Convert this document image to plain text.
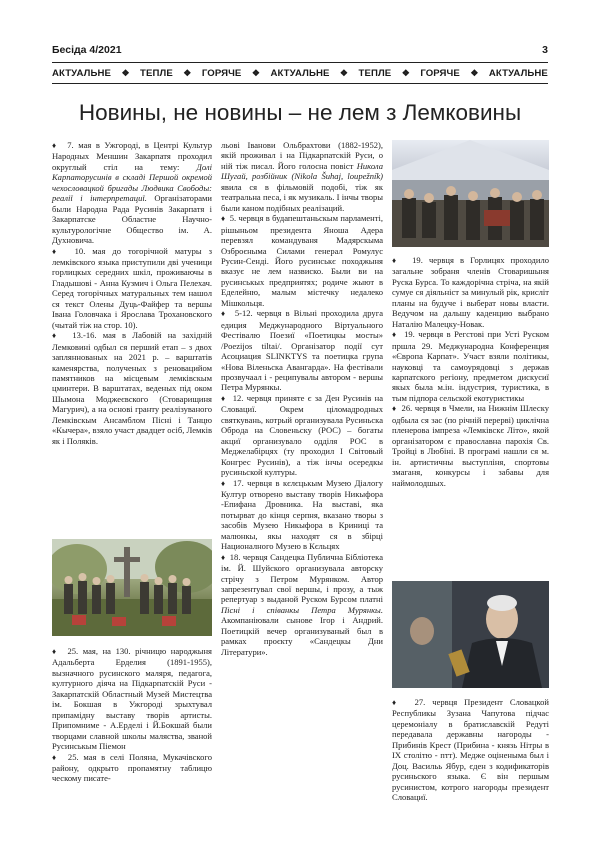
Бесіда 4/2021	3
АКТУАЛЬНЕ ❖ ТЕПЛЕ ❖ ГОРЯЧЕ ❖ АКТУАЛЬНЕ ❖ ТЕПЛЕ ❖ ГОРЯЧЕ ❖ АКТУАЛЬНЕ
Новины, не новины – не лем з Лемковины

♦  7. мая в Ужгороді, в Центрі Культур Народных Меншин Закарпатя проходил округлый стіл на тему: Долі Карпаторусинів в складі Першой окремой чехословацкой бригады Людвика Свободы: реалії і інтерпретациї. Організаторами были Народна Рада Русинів Закарпатя і Закарпатске Областне Научно-культурологічне Обществo ім. А. Духновича.

♦  10. мая до тогорічной матуры з лемківского языка приступили дві ученици горлицкых середних шкіл, проживаючы в Гладышові - Анна Кузмич і Ольга Пелехач. Серед тогорічных матуральных тем нашол ся текст Олены Дуць-Файфер та вершы Івана Головчака і Ярослава Трохановского (чытай тіж на стор. 10).

♦  13.-16. мая в Лабовій на західній Лемковині одбыл ся перший етап – з двох запляннованых на 2021 р. – варштатів каменярства, полученых з реновацийом памятников на місцевым лемківскым цминтери. В варштатах, веденых під оком Шымона Моджеєвского (Стоварищиня Магурич), а на основі гранту реалізуваного Лемківскым Ансамблом Пісні і Танцю «Кычера», взяло учаcт двадцет осіб, Лемків як і Поляків.

♦  25. мая, на 130. річницю народжыня Адальберта Ерделия (1891-1955), вызначного русинского маляря, педагога, културного діяча на Підкарпатскій Руси - Закарпатскій Областный Музей Мистецтва ім. Бокшая в Ужгороді зрыхтувал припаміднy выставу творів артисты. Припомниме - А.Ерделі і Й.Бокшай были творцами славной школы маляства, званой Русинськым Піемон

♦  25. мая в селі Поляна, Мукачівского району, одкрыто пропамятну таблицю ческому писате-

льові Іванови Ольбрахтови (1882-1952), якій проживал і на Підкарпатскій Руси, о ній тіж писал. Його голосна повіст Никола Шугай, розбійник (Nikola Šuhaj, loupežník) явила ся в фільмовій подобі, тіж як театральна песа, і як музикаль. І інчы творы были каном подібных реалізаций.

♦  5. червця в будапештаньскым парламенті, рішыньом президента Яноша Адера перевзял командуваня Мадярскыма Озброєныма Силами генерал Ромулус Русин-Сенді. Його русинськє походжыня вказує не лем назвиско. Были ви на русинськых предприятях; родиче жыют в Еделейню, малым містечку недалеко Мішкольця.

♦  5-12. червця в Вільні проходила друга едиция Меджународного Віртуального Фестівалю Поезиї «Поетицкы мосты» /Poezijos tiltai/. Організатор події сут Асоциация SLINKTYS та поетицка група «Нова Віленьска Авангарда». На фестівали прозвучаал і - реципувалы автором - вершы Петра Мурянкы.

♦  12. червця приняте є за Ден Русинів на Словациї. Окрем ціломадрoдных святкувань, котрый организувала Русиньска Обрoда на Словеньску (РОС) – богаты акциї организувало одділя РОС в Меджелабірцях (ту проходил І Світовый Конгрес Русинів), а тіж інчы осередкы русиньской културы.

♦  17. червця в кєлєцькым Музею Діалогу Култур отворено выставу творів Никыфора -Епифана Дровника. На выставі, яка потырват до кінця серпня, вказано творы з засобів Музею Никыфора в Криниці та малюнкы, якы находят ся в збірці Националного Музею в Кєльцях

♦  18. червця Сандецка Публична Бібліотека ім. Й. Шуйского организувала авторску стрічу з Петром Мурянком. Автор запрезентувал свої вершы, і прозу, а тыж репертуар з выданой Руском Бурсом платні Пісні і співанкы Петра Мурянкы. Акомпаніювали сынове Ігор і Андрий. Поетицкій вечер организуваный был в рамках проєкту «Сандецкы Дни Літератури».

♦  19. червця в Горлицях проходило загальне зобраня членів Стоваришыня Руска Бурса. То каждорічна стріча, на якій сумуе ся діяльніст за минулый рік, крисліт планы на будучe і выберат новы власти. Ведучом на дальшу каденцию выбрано Наталію Малецку-Новак.

♦  19. червця в Регстові при Усті Руском пршла 29. Меджународна Конференция «Європа Карпат». Участ взяли політикы, науковці та самоурядовці з держав карпатского регіону, предметом дискусиї якых была м.ін. індустрия, туристика, в тым підпора сельской екотуристикы

♦  26. червця в Чмели, на Нижнім Шлеску одбыла ся зас (по річній перервi) циклічна пленерова імпреза «Лемківскє Літо», якой організатором є православна парохія Св. Тройці в Любіні. В програмі нашли ся м. ін. артистичны выступліня, спортовы змаганя, конкурсы і забавы для наймолодшых.

♦  27. червця Президент Словацкой Республикы Зузана Чапутова підчас церемоніалу в братиславскій Редуті передавала державны нагороды - Прибинів Крест (Прибина - князь Нітры в IX столітю - птт). Медже оціненыма был і Доц. Васильь Ябур, єден з кодификаторів русиньского языка. Є він першым русинистом, котрого нагороды президент Словациї.
